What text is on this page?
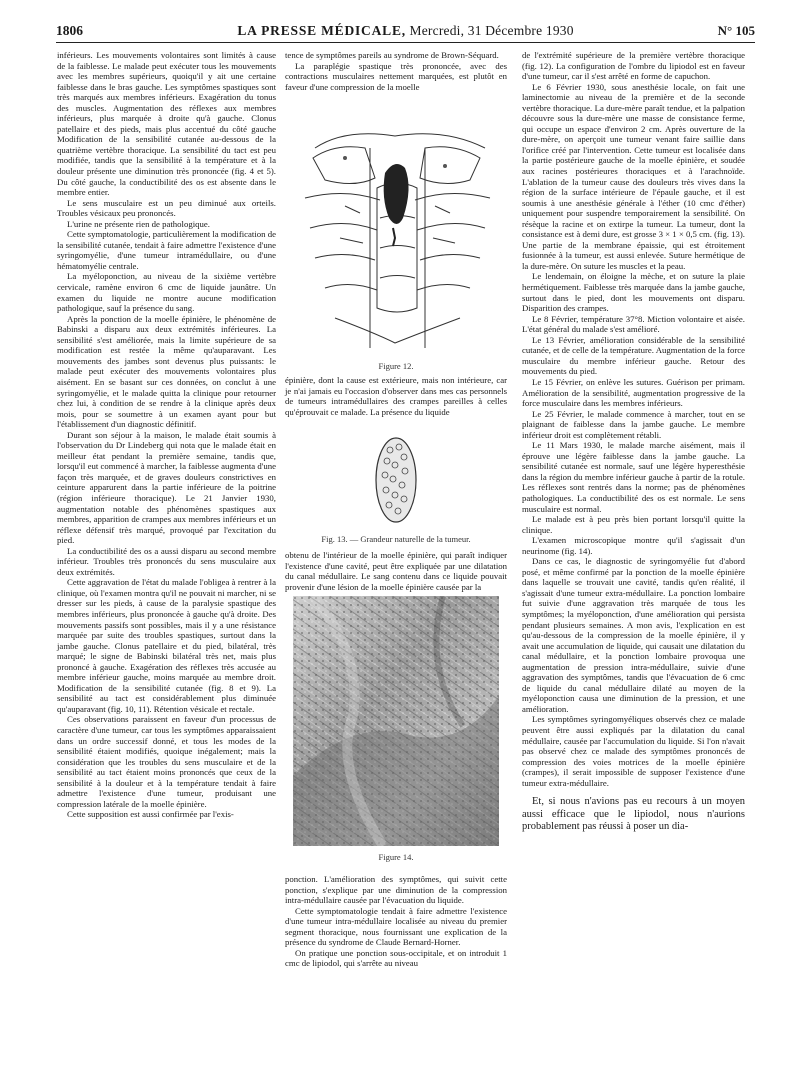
1806	LA PRESSE MÉDICALE, Mercredi, 31 Décembre 1930	N° 105

inférieurs. Les mouvements volontaires sont limités à cause de la faiblesse. Le malade peut exécuter tous les mouvements avec les membres supérieurs, quoiqu'il y ait une certaine faiblesse dans le bras gauche. Les symptômes spastiques sont très marqués aux membres inférieurs. Exagération du tonus des muscles. Augmentation des réflexes aux membres inférieurs, plus marquée à droite qu'à gauche. Clonus patellaire et des pieds, mais plus accentué du côté gauche Modification de la sensibilité cutanée au-dessous de la quatrième vertèbre thoracique. La sensibilité du tact est peu modifiée, tandis que la sensibilité à la température et à la douleur présente une diminution très prononcée (fig. 4 et 5). Du côté gauche, la conductibilité des os est absente dans le membre entier.

Le sens musculaire est un peu diminué aux orteils. Troubles vésicaux peu prononcés.

L'urine ne présente rien de pathologique.

Cette symptomatologie, particulièrement la modification de la sensibilité cutanée, tendait à faire admettre l'existence d'une syringomyélie, d'une tumeur intramédullaire, ou d'une hématomyélie centrale.

La myéloponction, au niveau de la sixième vertèbre cervicale, ramène environ 6 cmc de liquide jaunâtre. Un examen du liquide ne montre aucune modification pathologique, sauf la présence du sang.

Après la ponction de la moelle épinière, le phénomène de Babinski a disparu aux deux extrémités inférieures. La sensibilité s'est améliorée, mais la limite supérieure de sa modification est restée la même qu'auparavant. Les mouvements des jambes sont devenus plus puissants: le malade peut exécuter des mouvements volontaires plus aisément. En se basant sur ces données, on conclut à une syringomyélie, et le malade quitta la clinique pour retourner chez lui, à condition de se rendre à la clinique après deux mois, pour se soumettre à un examen ayant pour but l'établissement d'un diagnostic définitif.

Durant son séjour à la maison, le malade était soumis à l'observation du Dr Lindeberg qui nota que le malade était en meilleur état pendant la première semaine, tandis que, lorsqu'il eut commencé à marcher, la faiblesse augmenta d'une façon très marquée, et de graves douleurs constrictives en ceinture apparurent dans la partie inférieure de la poitrine (région inférieure thoracique). Le 21 Janvier 1930, augmentation notable des phénomènes spastiques aux membres, apparition de crampes aux membres inférieurs et un réflexe défensif très marqué, provoqué par l'excitation du pied.

La conductibilité des os a aussi disparu au second membre inférieur. Troubles très prononcés du sens musculaire aux deux extrémités.

Cette aggravation de l'état du malade l'obligea à rentrer à la clinique, où l'examen montra qu'il ne pouvait ni marcher, ni se dresser sur les pieds, à cause de la paralysie spastique des membres inférieurs, plus prononcée à gauche qu'à droite. Des mouvements passifs sont possibles, mais il y a une résistance marquée par suite des troubles spastiques, surtout dans la jambe gauche. Clonus patellaire et du pied, bilatéral, très marqué; le signe de Babinski bilatéral très net, mais plus prononcé à gauche. Exagération des réflexes très accusée au membre inférieur gauche, moins marquée au membre droit. Modification de la sensibilité cutanée (fig. 8 et 9). La sensibilité au tact est considérablement plus diminuée qu'auparavant (fig. 10, 11). Rétention vésicale et rectale.

Ces observations paraissent en faveur d'un processus de caractère d'une tumeur, car tous les symptômes apparaissaient dans un ordre successif donné, et tous les modes de la sensibilité étaient modifiés, quoique inégalement; mais la considération que les troubles du sens musculaire et de la sensibilité au tact étaient moins prononcés que ceux de la sensibilité à la douleur et à la température tendait à faire admettre l'existence d'une tumeur, produisant une compression latérale de la moelle épinière.

Cette supposition est aussi confirmée par l'exis-

tence de symptômes pareils au syndrome de Brown-Séquard.

La paraplégie spastique très prononcée, avec des contractions musculaires nettement marquées, est plutôt en faveur d'une compression de la moelle

Figure 12.

épinière, dont la cause est extérieure, mais non intérieure, car je n'ai jamais eu l'occasion d'observer dans mes cas personnels de tumeurs intramédullaires des crampes pareilles à celles qu'éprouvait ce malade. La présence du liquide

Fig. 13. — Grandeur naturelle de la tumeur.

obtenu de l'intérieur de la moelle épinière, qui paraît indiquer l'existence d'une cavité, peut être expliquée par une dilatation du canal médullaire. Le sang contenu dans ce liquide pouvait provenir d'une lésion de la moelle épinière causée par la

Figure 14.

ponction. L'amélioration des symptômes, qui suivit cette ponction, s'explique par une diminution de la compression intra-médullaire causée par l'évacuation du liquide.

Cette symptomatologie tendait à faire admettre l'existence d'une tumeur intra-médullaire localisée au niveau du premier segment thoracique, nous fournissant une explication de la présence du syndrome de Claude Bernard-Horner.

On pratique une ponction sous-occipitale, et on introduit 1 cmc de lipiodol, qui s'arrête au niveau

de l'extrémité supérieure de la première vertèbre thoracique (fig. 12). La configuration de l'ombre du lipiodol est en faveur d'une tumeur, car il s'est arrêté en forme de capuchon.

Le 6 Février 1930, sous anesthésie locale, on fait une laminectomie au niveau de la première et de la seconde vertèbre thoracique. La dure-mère paraît tendue, et la palpation découvre sous la dure-mère une masse de consistance ferme, qui occupe un espace d'environ 2 cm. Après ouverture de la dure-mère, on aperçoit une tumeur venant faire saillie dans l'orifice créé par l'intervention. Cette tumeur est localisée dans la partie postérieure gauche de la moelle épinière, et soudée aux racines postérieures thoraciques et à l'arachnoïde. L'ablation de la tumeur cause des douleurs très vives dans la région de la surface intérieure de l'épaule gauche, et il est soumis à une anesthésie générale à l'éther (10 cmc d'éther) uniquement pour suspendre temporairement la sensibilité. On résèque la racine et on extirpe la tumeur. La tumeur, dont la consistance est à demi dure, est grosse 3 × 1 × 0,5 cm. (fig. 13). Une partie de la membrane épaissie, qui est étroitement fusionnée à la tumeur, est aussi enlevée. Suture hermétique de la dure-mère. On suture les muscles et la peau.

Le lendemain, on éloigne la mèche, et on suture la plaie hermétiquement. Faiblesse très marquée dans la jambe gauche, surtout dans le pied, dont les mouvements ont disparu. Disparition des crampes.

Le 8 Février, température 37°8. Miction volontaire et aisée. L'état général du malade s'est amélioré.

Le 13 Février, amélioration considérable de la sensibilité cutanée, et de celle de la température. Augmentation de la force musculaire du membre inférieur gauche. Retour des mouvements du pied.

Le 15 Février, on enlève les sutures. Guérison per primam. Amélioration de la sensibilité, augmentation progressive de la force musculaire dans les membres inférieurs.

Le 25 Février, le malade commence à marcher, tout en se plaignant de faiblesse dans la jambe gauche. Le membre inférieur droit est complètement rétabli.

Le 11 Mars 1930, le malade marche aisément, mais il éprouve une légère faiblesse dans la jambe gauche. La sensibilité cutanée est normale, sauf une légère hyperesthésie dans la région du membre inférieur gauche à partir de la rotule. Les réflexes sont rentrés dans la norme; pas de phénomènes pathologiques. La conductibilité des os est normale. Le sens musculaire est normal.

Le malade est à peu près bien portant lorsqu'il quitte la clinique.

L'examen microscopique montre qu'il s'agissait d'un neurinome (fig. 14).

Dans ce cas, le diagnostic de syringomyélie fut d'abord posé, et même confirmé par la ponction de la moelle épinière dans laquelle se trouvait une cavité, tandis qu'en réalité, il s'agissait d'une tumeur extra-médullaire. La ponction lombaire fut suivie d'une aggravation très marquée de tous les symptômes; la myéloponction, d'une amélioration qui persista pendant plusieurs semaines. A mon avis, l'explication en est qu'au-dessous de la compression de la moelle épinière, il y avait une accumulation de liquide, qui causait une dilatation du canal médullaire, et la ponction lombaire provoqua une augmentation de pression intra-médullaire, suivie d'une aggravation des symptômes, tandis que l'évacuation de 6 cmc de liquide du canal médullaire dilaté au moyen de la myéloponction causa une diminution de la pression, et une amélioration.

Les symptômes syringomyéliques observés chez ce malade peuvent être aussi expliqués par la dilatation du canal médullaire, causée par l'accumulation du liquide. Si l'on n'avait pas observé chez ce malade des symptômes prononcés de compression des voies motrices de la moelle épinière (crampes), il serait impossible de supposer l'existence d'une tumeur extra-médullaire.

Et, si nous n'avions pas eu recours à un moyen aussi efficace que le lipiodol, nous n'aurions probablement pas réussi à poser un dia-
